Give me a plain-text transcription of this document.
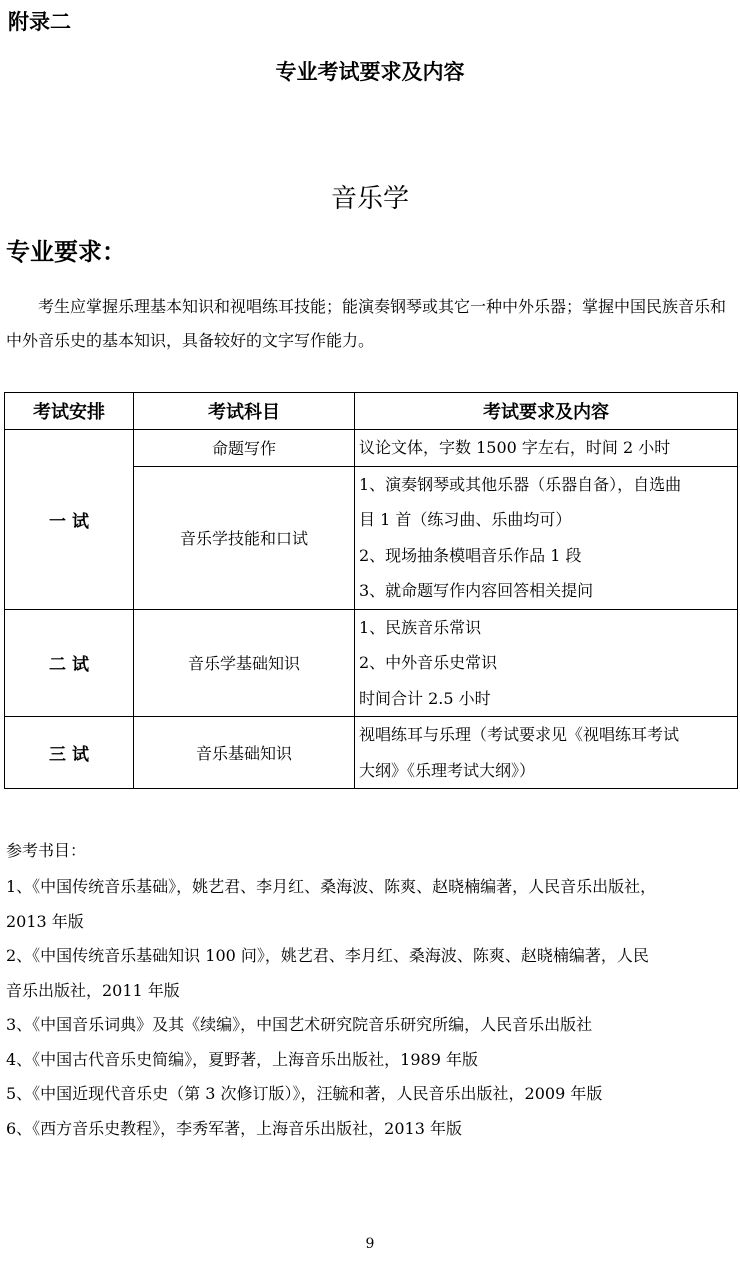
附录二
专业考试要求及内容
音乐学
专业要求：
考生应掌握乐理基本知识和视唱练耳技能；能演奏钢琴或其它一种中外乐器；掌握中国民族音乐和中外音乐史的基本知识，具备较好的文字写作能力。
考试安排	考试科目	考试要求及内容
一 试	命题写作	议论文体，字数 1500 字左右，时间 2 小时

	音乐学技能和口试	1、演奏钢琴或其他乐器（乐器自备），自选曲
目 1 首（练习曲、乐曲均可）
2、现场抽条模唱音乐作品 1 段
3、就命题写作内容回答相关提问

二 试	音乐学基础知识	1、民族音乐常识
2、中外音乐史常识
时间合计 2.5 小时

三 试	音乐基础知识	视唱练耳与乐理（考试要求见《视唱练耳考试
大纲》《乐理考试大纲》）
参考书目：
1、《中国传统音乐基础》，姚艺君、李月红、桑海波、陈爽、赵晓楠编著，人民音乐出版社，
2013 年版
2、《中国传统音乐基础知识 100 问》，姚艺君、李月红、桑海波、陈爽、赵晓楠编著，人民
音乐出版社，2011 年版
3、《中国音乐词典》及其《续编》，中国艺术研究院音乐研究所编，人民音乐出版社
4、《中国古代音乐史简编》，夏野著，上海音乐出版社，1989 年版
5、《中国近现代音乐史（第 3 次修订版）》，汪毓和著，人民音乐出版社，2009 年版
6、《西方音乐史教程》，李秀军著，上海音乐出版社，2013 年版
9
